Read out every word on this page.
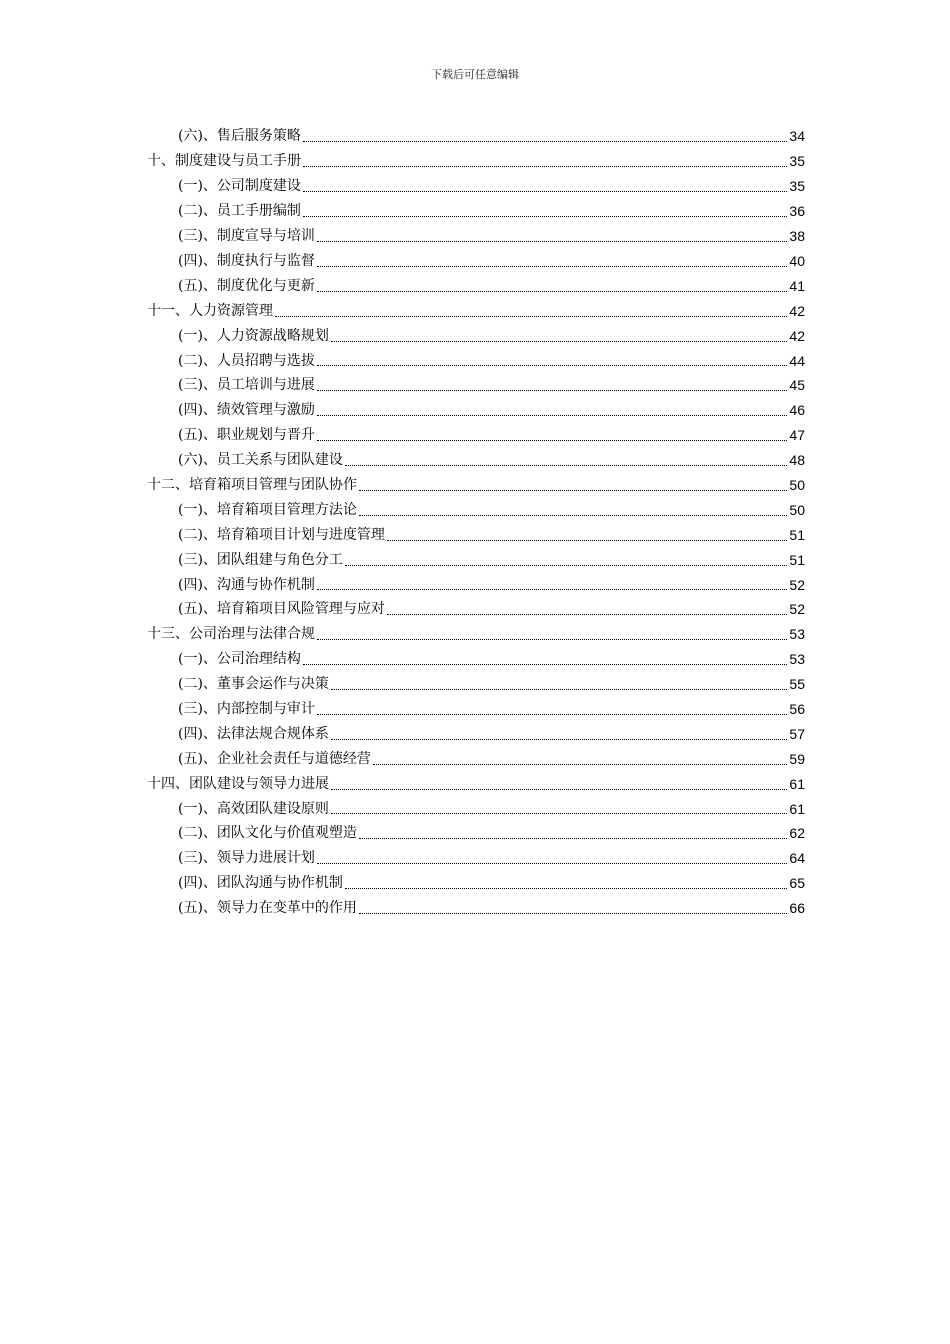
下载后可任意编辑
(六)、售后服务策略	34
十、制度建设与员工手册	35
(一)、公司制度建设	35
(二)、员工手册编制	36
(三)、制度宣导与培训	38
(四)、制度执行与监督	40
(五)、制度优化与更新	41
十一、人力资源管理	42
(一)、人力资源战略规划	42
(二)、人员招聘与选拔	44
(三)、员工培训与进展	45
(四)、绩效管理与激励	46
(五)、职业规划与晋升	47
(六)、员工关系与团队建设	48
十二、培育箱项目管理与团队协作	50
(一)、培育箱项目管理方法论	50
(二)、培育箱项目计划与进度管理	51
(三)、团队组建与角色分工	51
(四)、沟通与协作机制	52
(五)、培育箱项目风险管理与应对	52
十三、公司治理与法律合规	53
(一)、公司治理结构	53
(二)、董事会运作与决策	55
(三)、内部控制与审计	56
(四)、法律法规合规体系	57
(五)、企业社会责任与道德经营	59
十四、团队建设与领导力进展	61
(一)、高效团队建设原则	61
(二)、团队文化与价值观塑造	62
(三)、领导力进展计划	64
(四)、团队沟通与协作机制	65
(五)、领导力在变革中的作用	66
